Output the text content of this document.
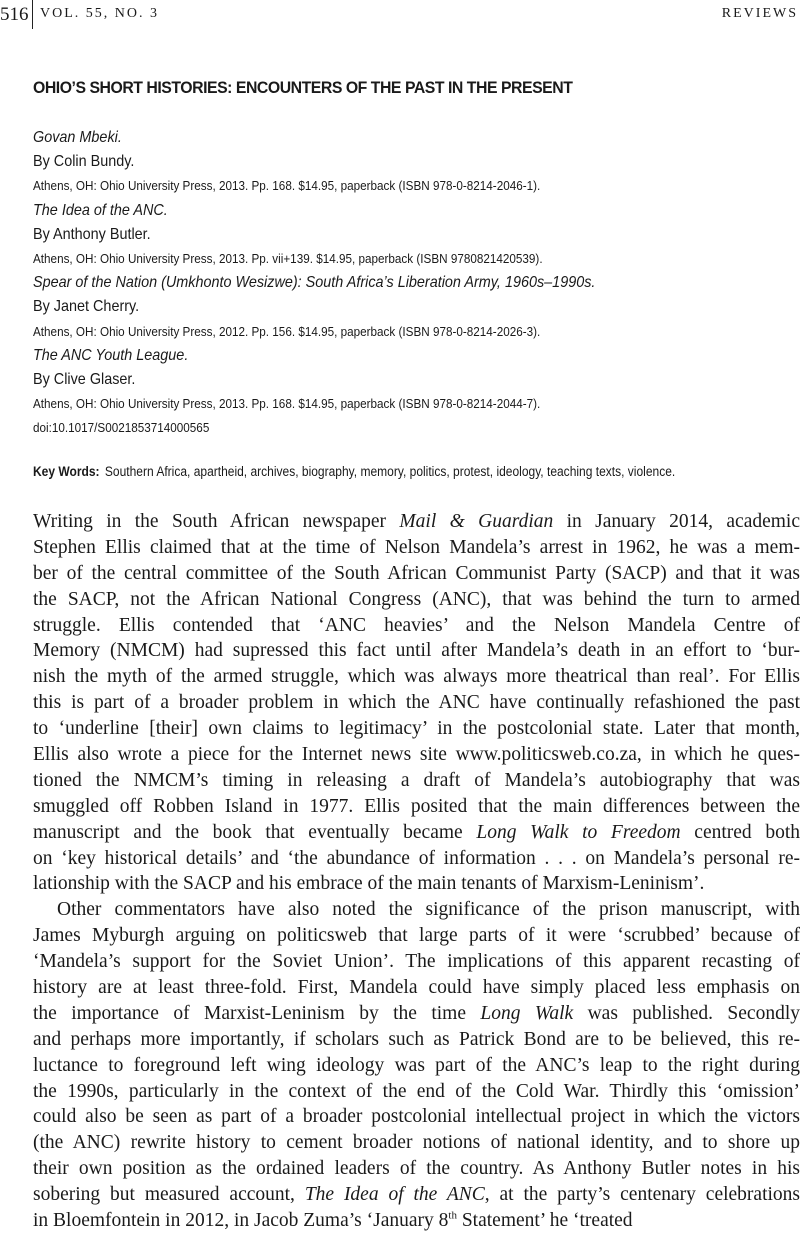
516 VOL. 55, NO. 3	REVIEWS
OHIO’S SHORT HISTORIES: ENCOUNTERS OF THE PAST IN THE PRESENT
Govan Mbeki.
By Colin Bundy.
Athens, OH: Ohio University Press, 2013. Pp. 168. $14.95, paperback (ISBN 978-0-8214-2046-1).
The Idea of the ANC.
By Anthony Butler.
Athens, OH: Ohio University Press, 2013. Pp. vii+139. $14.95, paperback (ISBN 9780821420539).
Spear of the Nation (Umkhonto Wesizwe): South Africa’s Liberation Army, 1960s–1990s.
By Janet Cherry.
Athens, OH: Ohio University Press, 2012. Pp. 156. $14.95, paperback (ISBN 978-0-8214-2026-3).
The ANC Youth League.
By Clive Glaser.
Athens, OH: Ohio University Press, 2013. Pp. 168. $14.95, paperback (ISBN 978-0-8214-2044-7).
doi:10.1017/S0021853714000565
Key Words: Southern Africa, apartheid, archives, biography, memory, politics, protest, ideology, teaching texts, violence.
Writing in the South African newspaper Mail & Guardian in January 2014, academic
Stephen Ellis claimed that at the time of Nelson Mandela’s arrest in 1962, he was a mem-
ber of the central committee of the South African Communist Party (SACP) and that it was
the SACP, not the African National Congress (ANC), that was behind the turn to armed
struggle. Ellis contended that ‘ANC heavies’ and the Nelson Mandela Centre of
Memory (NMCM) had supressed this fact until after Mandela’s death in an effort to ‘bur-
nish the myth of the armed struggle, which was always more theatrical than real’. For Ellis
this is part of a broader problem in which the ANC have continually refashioned the past
to ‘underline [their] own claims to legitimacy’ in the postcolonial state. Later that month,
Ellis also wrote a piece for the Internet news site www.politicsweb.co.za, in which he ques-
tioned the NMCM’s timing in releasing a draft of Mandela’s autobiography that was
smuggled off Robben Island in 1977. Ellis posited that the main differences between the
manuscript and the book that eventually became Long Walk to Freedom centred both
on ‘key historical details’ and ‘the abundance of information . . . on Mandela’s personal re-
lationship with the SACP and his embrace of the main tenants of Marxism-Leninism’.
Other commentators have also noted the significance of the prison manuscript, with
James Myburgh arguing on politicsweb that large parts of it were ‘scrubbed’ because of
‘Mandela’s support for the Soviet Union’. The implications of this apparent recasting of
history are at least three-fold. First, Mandela could have simply placed less emphasis on
the importance of Marxist-Leninism by the time Long Walk was published. Secondly
and perhaps more importantly, if scholars such as Patrick Bond are to be believed, this re-
luctance to foreground left wing ideology was part of the ANC’s leap to the right during
the 1990s, particularly in the context of the end of the Cold War. Thirdly this ‘omission’
could also be seen as part of a broader postcolonial intellectual project in which the victors
(the ANC) rewrite history to cement broader notions of national identity, and to shore up
their own position as the ordained leaders of the country. As Anthony Butler notes in his
sobering but measured account, The Idea of the ANC, at the party’s centenary celebrations
in Bloemfontein in 2012, in Jacob Zuma’s ‘January 8th Statement’ he ‘treated
